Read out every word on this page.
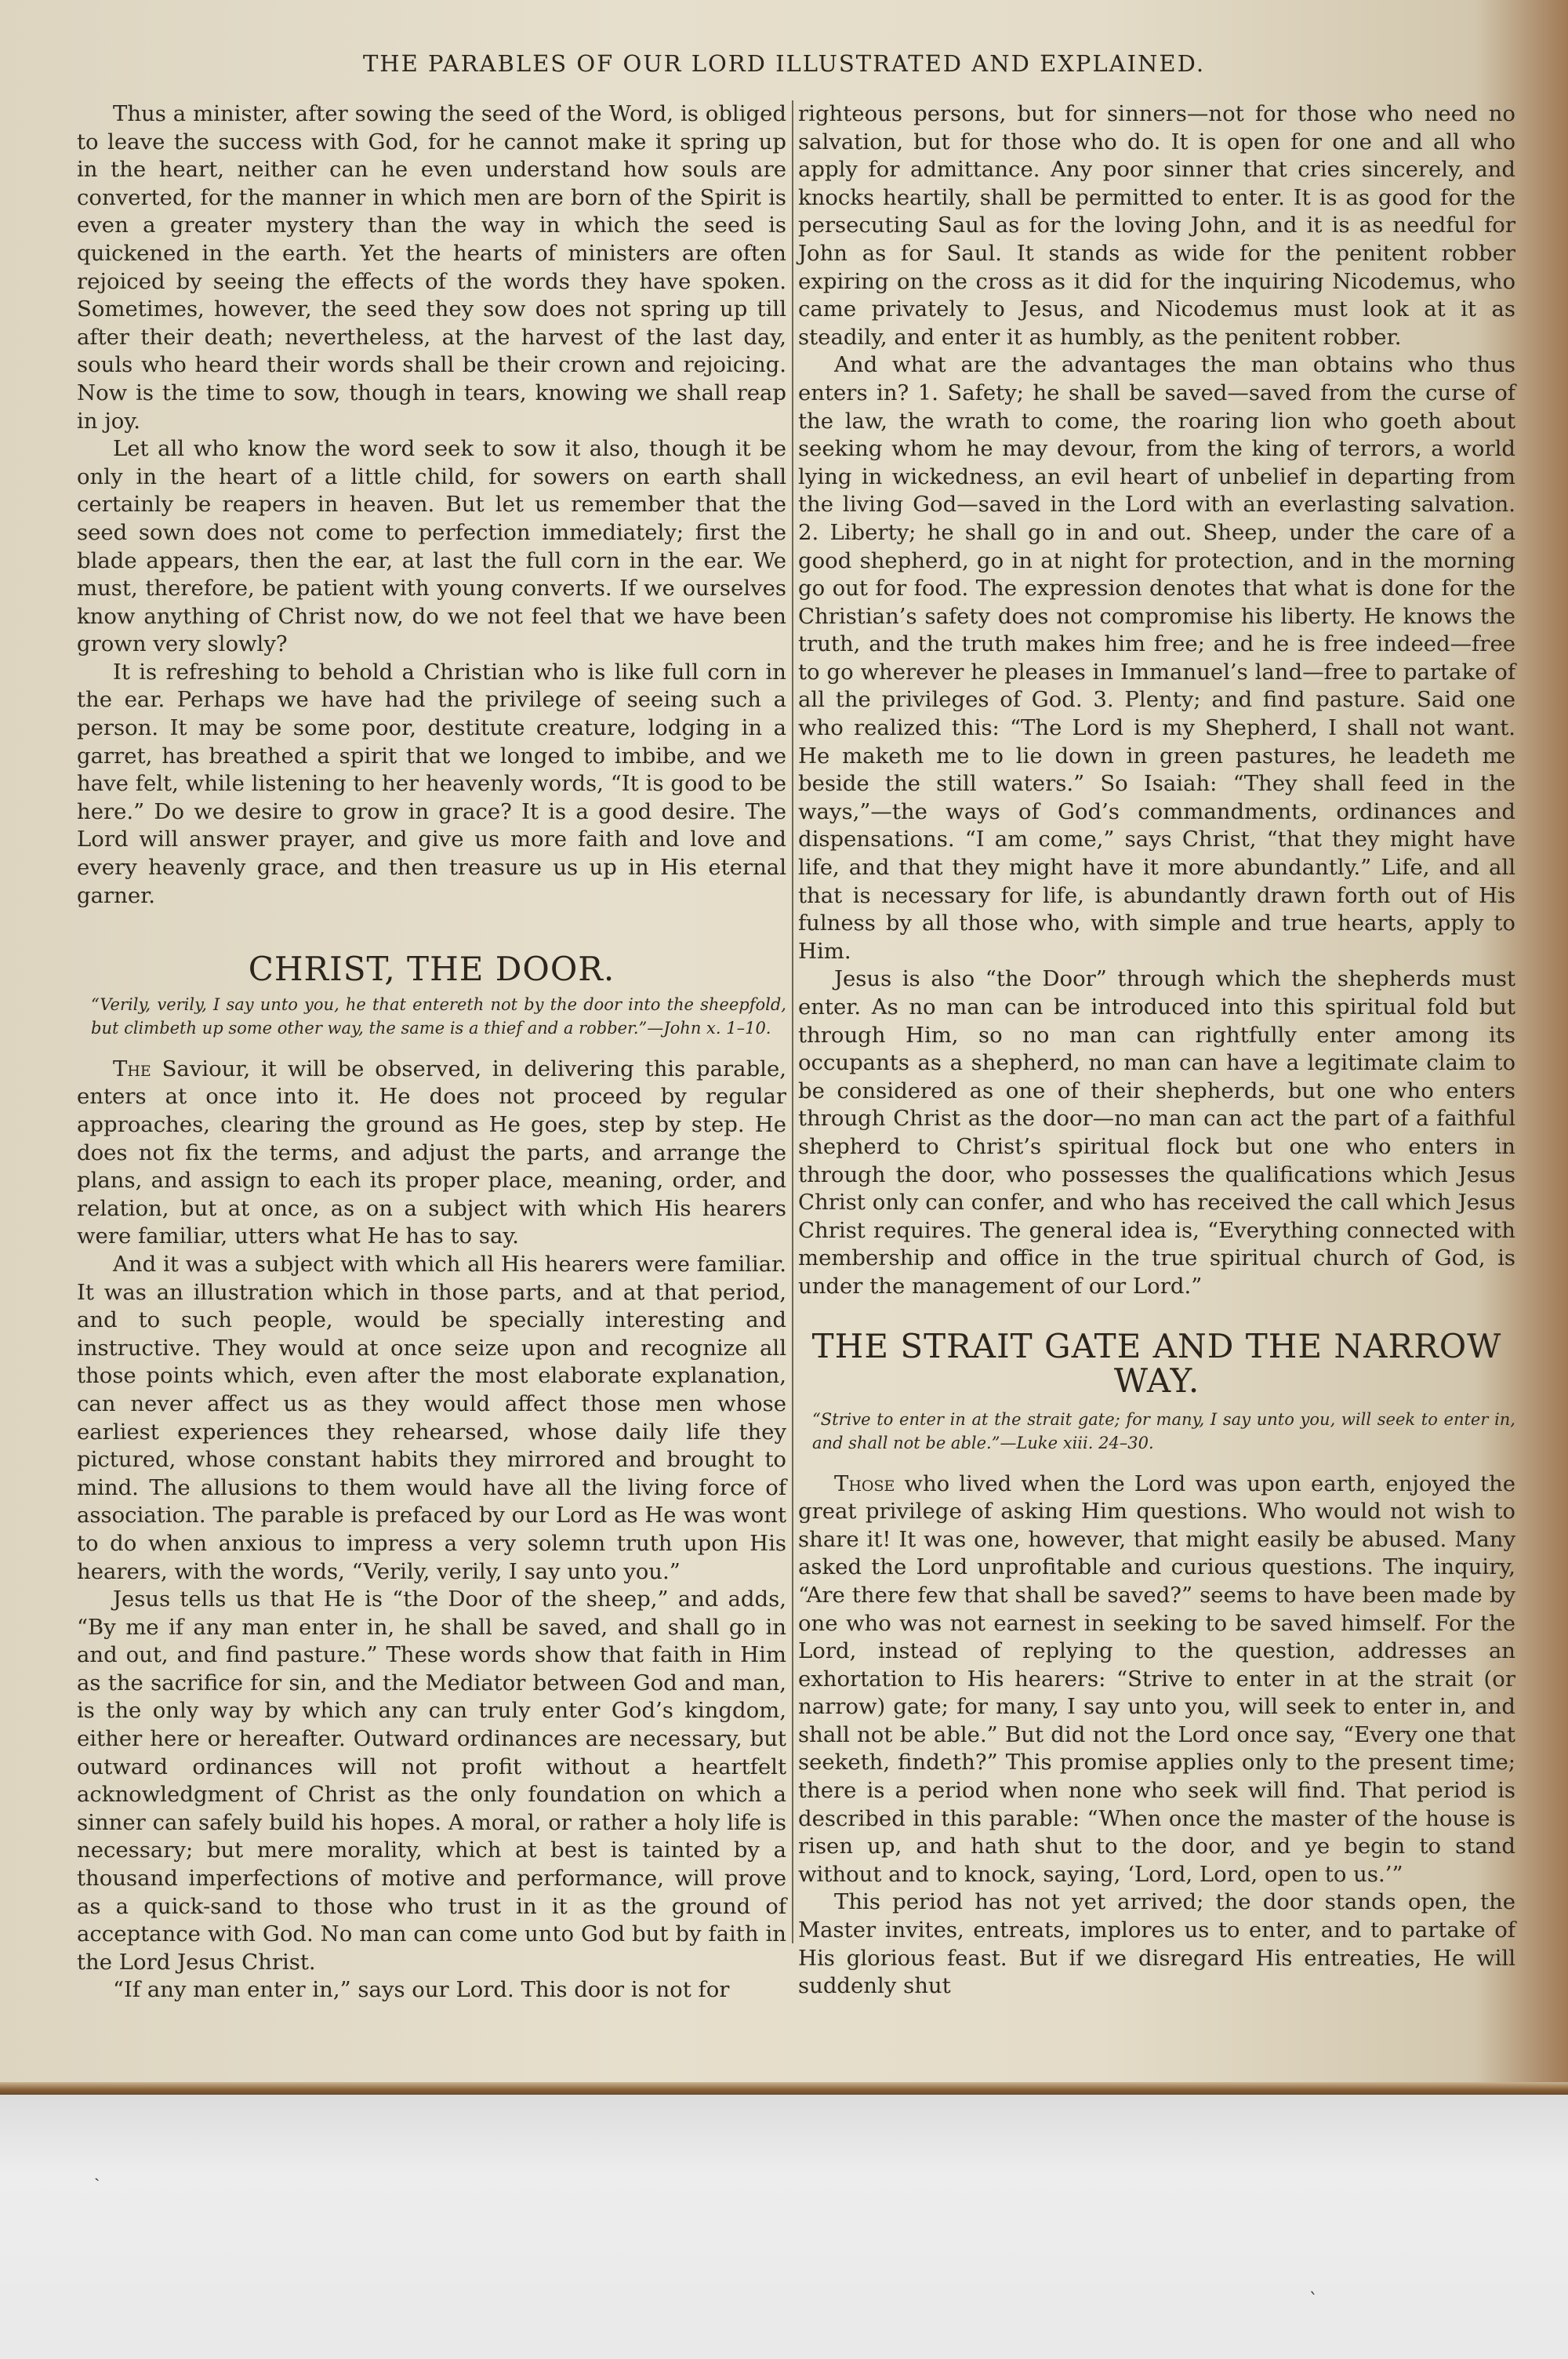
ˏ
ˋ
THE PARABLES OF OUR LORD ILLUSTRATED AND EXPLAINED.

Thus a minister, after sowing the seed of the Word, is obliged to leave the success with God, for he cannot make it spring up in the heart, neither can he even understand how souls are converted, for the manner in which men are born of the Spirit is even a greater mystery than the way in which the seed is quickened in the earth. Yet the hearts of ministers are often rejoiced by seeing the effects of the words they have spoken. Sometimes, however, the seed they sow does not spring up till after their death; nevertheless, at the harvest of the last day, souls who heard their words shall be their crown and rejoicing. Now is the time to sow, though in tears, knowing we shall reap in joy.

Let all who know the word seek to sow it also, though it be only in the heart of a little child, for sowers on earth shall certainly be reapers in heaven. But let us remember that the seed sown does not come to perfection immediately; first the blade appears, then the ear, at last the full corn in the ear. We must, therefore, be patient with young converts. If we ourselves know anything of Christ now, do we not feel that we have been grown very slowly?

It is refreshing to behold a Christian who is like full corn in the ear. Perhaps we have had the privilege of seeing such a person. It may be some poor, destitute creature, lodging in a garret, has breathed a spirit that we longed to imbibe, and we have felt, while listening to her heavenly words, “It is good to be here.” Do we desire to grow in grace? It is a good desire. The Lord will answer prayer, and give us more faith and love and every heavenly grace, and then treasure us up in His eternal garner.

CHRIST, THE DOOR.
“Verily, verily, I say unto you, he that entereth not by the door into the sheepfold, but climbeth up some other way, the same is a thief and a robber.”—John x. 1–10.

The Saviour, it will be observed, in delivering this parable, enters at once into it. He does not proceed by regular approaches, clearing the ground as He goes, step by step. He does not fix the terms, and adjust the parts, and arrange the plans, and assign to each its proper place, meaning, order, and relation, but at once, as on a subject with which His hearers were familiar, utters what He has to say.

And it was a subject with which all His hearers were familiar. It was an illustration which in those parts, and at that period, and to such people, would be specially interesting and instructive. They would at once seize upon and recognize all those points which, even after the most elaborate explanation, can never affect us as they would affect those men whose earliest experiences they rehearsed, whose daily life they pictured, whose constant habits they mirrored and brought to mind. The allusions to them would have all the living force of association. The parable is prefaced by our Lord as He was wont to do when anxious to impress a very solemn truth upon His hearers, with the words, “Verily, verily, I say unto you.”

Jesus tells us that He is “the Door of the sheep,” and adds, “By me if any man enter in, he shall be saved, and shall go in and out, and find pasture.” These words show that faith in Him as the sacrifice for sin, and the Mediator between God and man, is the only way by which any can truly enter God’s kingdom, either here or hereafter. Outward ordinances are necessary, but outward ordinances will not profit without a heartfelt acknowledgment of Christ as the only foundation on which a sinner can safely build his hopes. A moral, or rather a holy life is necessary; but mere morality, which at best is tainted by a thousand imperfections of motive and performance, will prove as a quick-sand to those who trust in it as the ground of acceptance with God. No man can come unto God but by faith in the Lord Jesus Christ.

“If any man enter in,” says our Lord. This door is not for

righteous persons, but for sinners—not for those who need no salvation, but for those who do. It is open for one and all who apply for admittance. Any poor sinner that cries sincerely, and knocks heartily, shall be permitted to enter. It is as good for the persecuting Saul as for the loving John, and it is as needful for John as for Saul. It stands as wide for the penitent robber expiring on the cross as it did for the inquiring Nicodemus, who came privately to Jesus, and Nicodemus must look at it as steadily, and enter it as humbly, as the penitent robber.

And what are the advantages the man obtains who thus enters in? 1. Safety; he shall be saved—saved from the curse of the law, the wrath to come, the roaring lion who goeth about seeking whom he may devour, from the king of terrors, a world lying in wickedness, an evil heart of unbelief in departing from the living God—saved in the Lord with an everlasting salvation. 2. Liberty; he shall go in and out. Sheep, under the care of a good shepherd, go in at night for protection, and in the morning go out for food. The expression denotes that what is done for the Christian’s safety does not compromise his liberty. He knows the truth, and the truth makes him free; and he is free indeed—free to go wherever he pleases in Immanuel’s land—free to partake of all the privileges of God. 3. Plenty; and find pasture. Said one who realized this: “The Lord is my Shepherd, I shall not want. He maketh me to lie down in green pastures, he leadeth me beside the still waters.” So Isaiah: “They shall feed in the ways,”—the ways of God’s commandments, ordinances and dispensations. “I am come,” says Christ, “that they might have life, and that they might have it more abundantly.” Life, and all that is necessary for life, is abundantly drawn forth out of His fulness by all those who, with simple and true hearts, apply to Him.

Jesus is also “the Door” through which the shepherds must enter. As no man can be introduced into this spiritual fold but through Him, so no man can rightfully enter among its occupants as a shepherd, no man can have a legitimate claim to be considered as one of their shepherds, but one who enters through Christ as the door—no man can act the part of a faithful shepherd to Christ’s spiritual flock but one who enters in through the door, who possesses the qualifications which Jesus Christ only can confer, and who has received the call which Jesus Christ requires. The general idea is, “Everything connected with membership and office in the true spiritual church of God, is under the management of our Lord.”

THE STRAIT GATE AND THE NARROW WAY.
“Strive to enter in at the strait gate; for many, I say unto you, will seek to enter in, and shall not be able.”—Luke xiii. 24–30.

Those who lived when the Lord was upon earth, enjoyed the great privilege of asking Him questions. Who would not wish to share it! It was one, however, that might easily be abused. Many asked the Lord unprofitable and curious questions. The inquiry, “Are there few that shall be saved?” seems to have been made by one who was not earnest in seeking to be saved himself. For the Lord, instead of replying to the question, addresses an exhortation to His hearers: “Strive to enter in at the strait (or narrow) gate; for many, I say unto you, will seek to enter in, and shall not be able.” But did not the Lord once say, “Every one that seeketh, findeth?” This promise applies only to the present time; there is a period when none who seek will find. That period is described in this parable: “When once the master of the house is risen up, and hath shut to the door, and ye begin to stand without and to knock, saying, ‘Lord, Lord, open to us.’”

This period has not yet arrived; the door stands open, the Master invites, entreats, implores us to enter, and to partake of His glorious feast. But if we disregard His entreaties, He will suddenly shut
